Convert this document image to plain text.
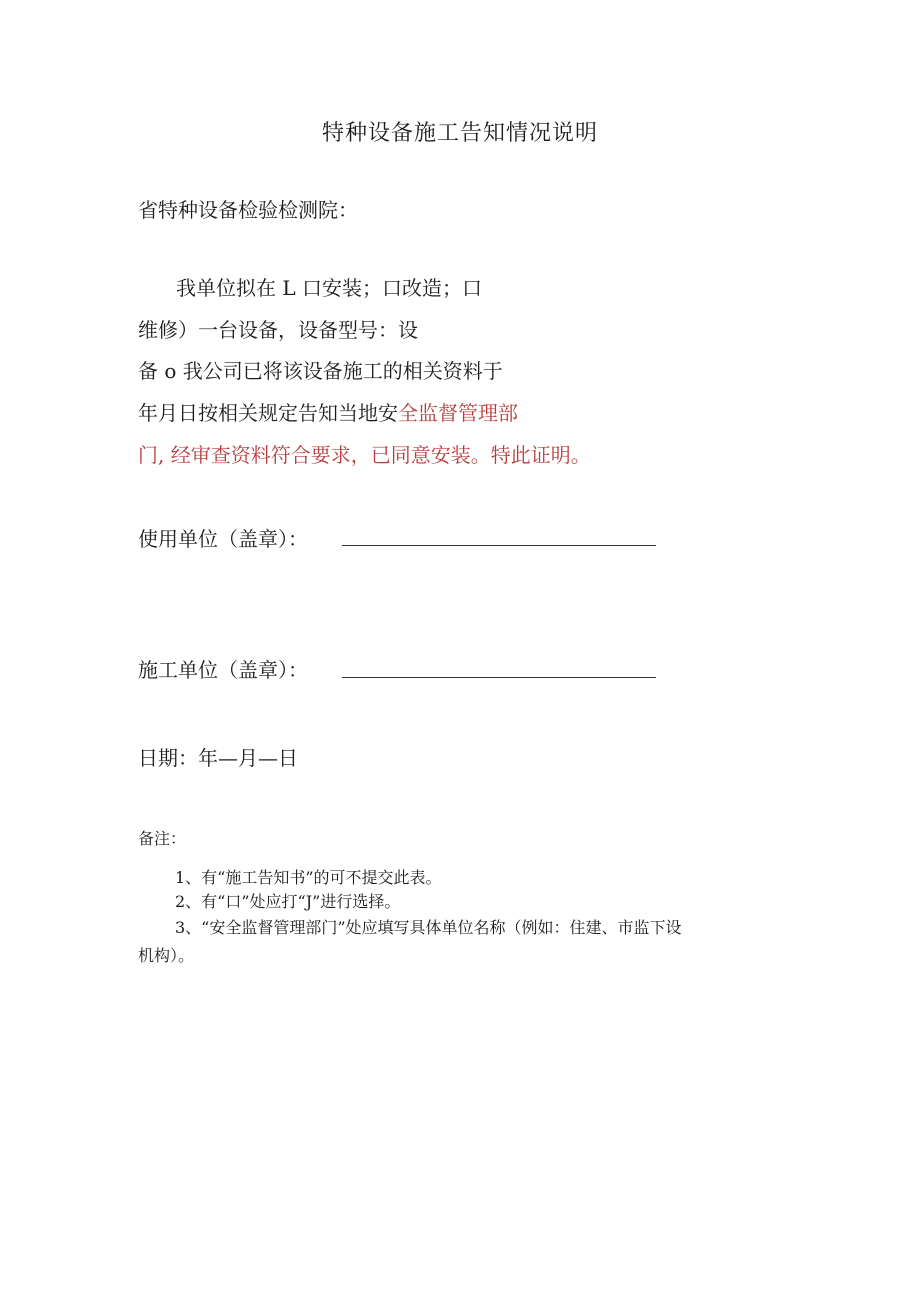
特种设备施工告知情况说明
省特种设备检验检测院：
我单位拟在 L 口安装；口改造；口
维修）一台设备，设备型号：设
备 o 我公司已将该设备施工的相关资料于
年月日按相关规定告知当地安全监督管理部
门, 经审查资料符合要求，已同意安装。特此证明。
使用单位（盖章）：
施工单位（盖章）：
日期：年—月—日
备注：
1、有“施工告知书”的可不提交此表。
2、有“口”处应打“J”进行选择。
3、“安全监督管理部门”处应填写具体单位名称（例如：住建、市监下设
机构）。
